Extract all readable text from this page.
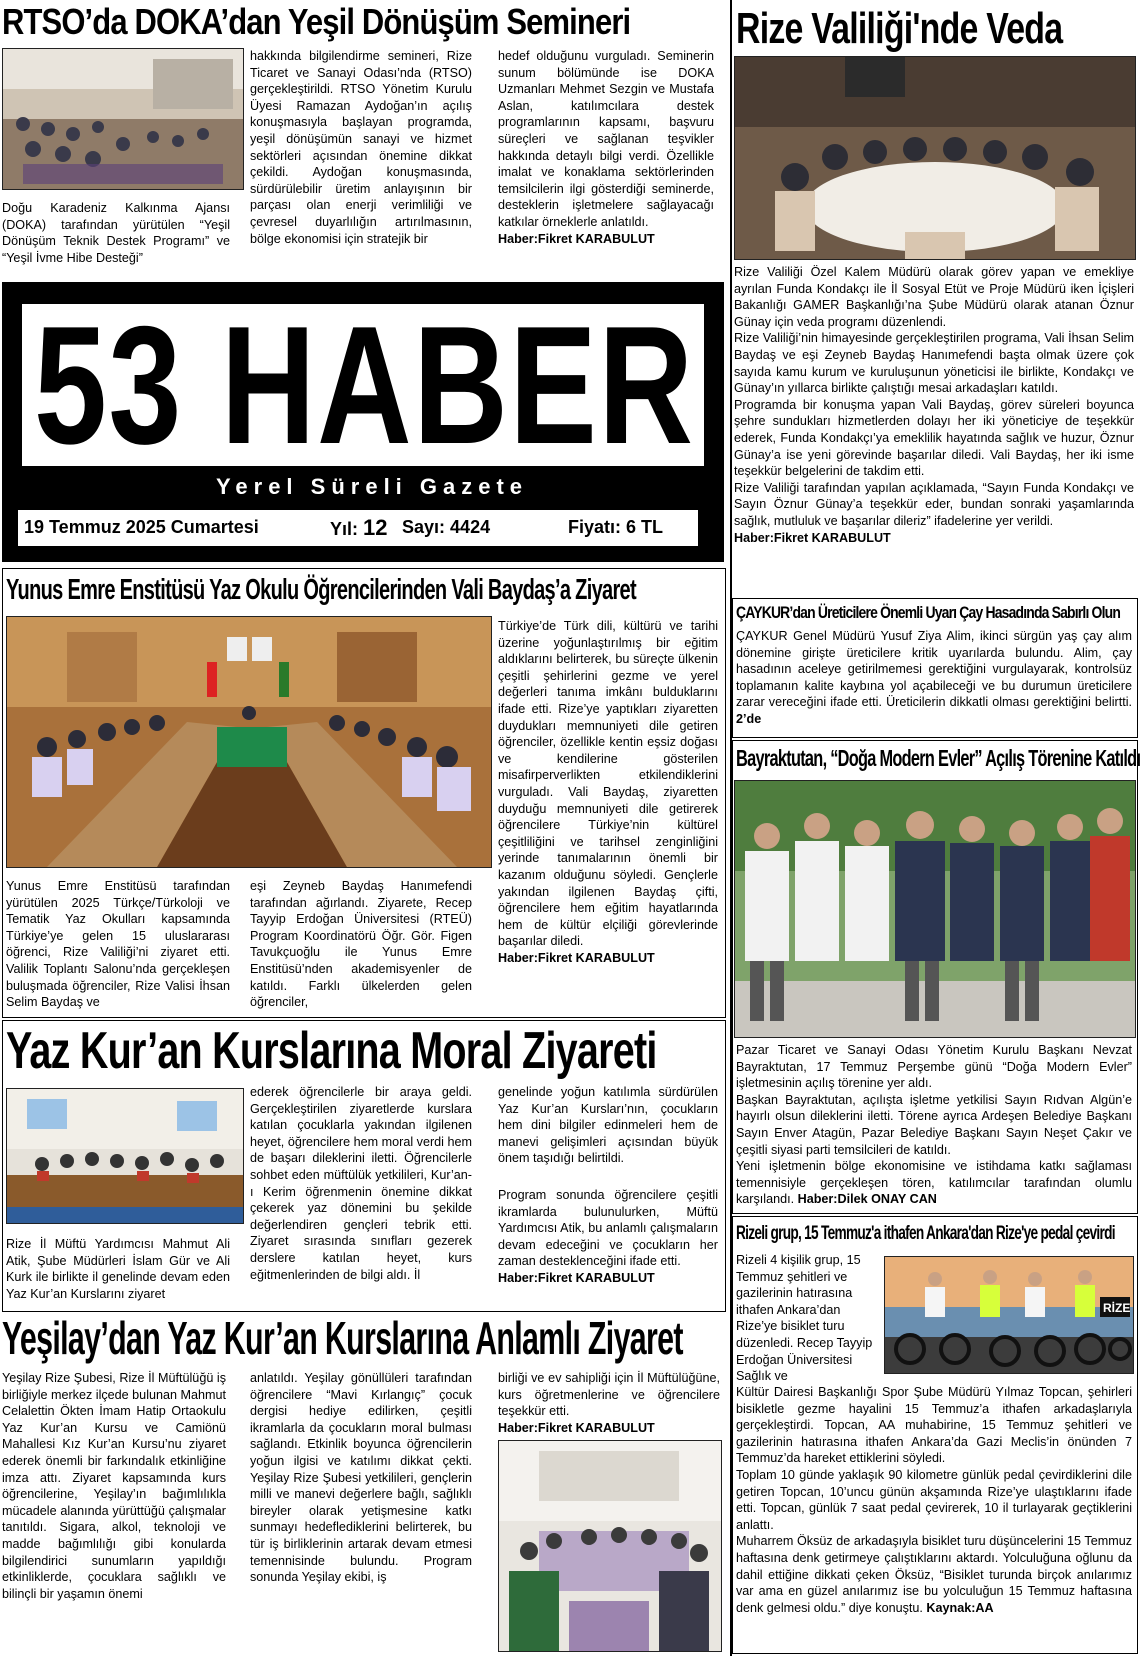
RTSO’da DOKA’dan Yeşil Dönüşüm Semineri
Doğu Karadeniz Kalkınma Ajansı (DOKA) tarafından yürütülen “Yeşil Dönüşüm Teknik Destek Programı” ve “Yeşil İvme Hibe Desteği”
hakkında bilgilendirme semineri, Rize Ticaret ve Sanayi Odası’nda (RTSO) gerçekleştirildi. RTSO Yönetim Kurulu Üyesi Ramazan Aydoğan’ın açılış konuşmasıyla başlayan programda, yeşil dönüşümün sanayi ve hizmet sektörleri açısından önemine dikkat çekildi. Aydoğan konuşmasında, sürdürülebilir üretim anlayışının bir parçası olan enerji verimliliği ve çevresel duyarlılığın artırılmasının, bölge ekonomisi için stratejik bir

hedef olduğunu vurguladı. Seminerin sunum bölümünde ise DOKA Uzmanları Mehmet Sezgin ve Mustafa Aslan, katılımcılara destek programlarının kapsamı, başvuru süreçleri ve sağlanan teşvikler hakkında detaylı bilgi verdi. Özellikle imalat ve konaklama sektörlerinden temsilcilerin ilgi gösterdiği seminerde, desteklerin işletmelere sağlayacağı katkılar örneklerle anlatıldı.

Haber:Fikret KARABULUT

53 HABER
Yerel Süreli Gazete
19 Temmuz 2025 Cumartesi	Yıl: 12 Sayı: 4424	Fiyatı: 6 TL
Yunus Emre Enstitüsü Yaz Okulu Öğrencilerinden Vali Baydaş’a Ziyaret
Yunus Emre Enstitüsü tarafından yürütülen 2025 Türkçe/Türkoloji ve Tematik Yaz Okulları kapsamında Türkiye’ye gelen 15 uluslararası öğrenci, Rize Valiliği’ni ziyaret etti. Valilik Toplantı Salonu’nda gerçekleşen buluşmada öğrenciler, Rize Valisi İhsan Selim Baydaş ve
eşi Zeyneb Baydaş Hanımefendi tarafından ağırlandı. Ziyarete, Recep Tayyip Erdoğan Üniversitesi (RTEÜ) Program Koordinatörü Öğr. Gör. Figen Tavukçuoğlu ile Yunus Emre Enstitüsü’nden akademisyenler de katıldı. Farklı ülkelerden gelen öğrenciler,

Türkiye’de Türk dili, kültürü ve tarihi üzerine yoğunlaştırılmış bir eğitim aldıklarını belirterek, bu süreçte ülkenin çeşitli şehirlerini gezme ve yerel değerleri tanıma imkânı bulduklarını ifade etti. Rize’ye yaptıkları ziyaretten duydukları memnuniyeti dile getiren öğrenciler, özellikle kentin eşsiz doğası ve kendilerine gösterilen misafirperverlikten etkilendiklerini vurguladı. Vali Baydaş, ziyaretten duyduğu memnuniyeti dile getirerek öğrencilere Türkiye’nin kültürel çeşitliliğini ve tarihsel zenginliğini yerinde tanımalarının önemli bir kazanım olduğunu söyledi. Gençlerle yakından ilgilenen Baydaş çifti, öğrencilere hem eğitim hayatlarında hem de kültür elçiliği görevlerinde başarılar diledi.

Haber:Fikret KARABULUT

Yaz Kur’an Kurslarına Moral Ziyareti
Rize İl Müftü Yardımcısı Mahmut Ali Atik, Şube Müdürleri İslam Gür ve Ali Kurk ile birlikte il genelinde devam eden Yaz Kur’an Kurslarını ziyaret
ederek öğrencilerle bir araya geldi. Gerçekleştirilen ziyaretlerde kurslara katılan çocuklarla yakından ilgilenen heyet, öğrencilere hem moral verdi hem de başarı dileklerini iletti. Öğrencilerle sohbet eden müftülük yetkilileri, Kur’an-ı Kerim öğrenmenin önemine dikkat çekerek yaz dönemini bu şekilde değerlendiren gençleri tebrik etti. Ziyaret sırasında sınıfları gezerek derslere katılan heyet, kurs eğitmenlerinden de bilgi aldı. İl

genelinde yoğun katılımla sürdürülen Yaz Kur’an Kursları’nın, çocukların hem dini bilgiler edinmeleri hem de manevi gelişimleri açısından büyük önem taşıdığı belirtildi.

Program sonunda öğrencilere çeşitli ikramlarda bulunulurken, Müftü Yardımcısı Atik, bu anlamlı çalışmaların devam edeceğini ve çocukların her zaman desteklenceğini ifade etti.

Haber:Fikret KARABULUT

Yeşilay’dan Yaz Kur’an Kurslarına Anlamlı Ziyaret
Yeşilay Rize Şubesi, Rize İl Müftülüğü iş birliğiyle merkez ilçede bulunan Mahmut Celalettin Ökten İmam Hatip Ortaokulu Yaz Kur’an Kursu ve Camiönü Mahallesi Kız Kur’an Kursu’nu ziyaret ederek önemli bir farkındalık etkinliğine imza attı. Ziyaret kapsamında kurs öğrencilerine, Yeşilay’ın bağımlılıkla mücadele alanında yürüttüğü çalışmalar tanıtıldı. Sigara, alkol, teknoloji ve madde bağımlılığı gibi konularda bilgilendirici sunumların yapıldığı etkinliklerde, çocuklara sağlıklı ve bilinçli bir yaşamın önemi
anlatıldı. Yeşilay gönüllüleri tarafından öğrencilere “Mavi Kırlangıç” çocuk dergisi hediye edilirken, çeşitli ikramlarla da çocukların moral bulması sağlandı. Etkinlik boyunca öğrencilerin yoğun ilgisi ve katılımı dikkat çekti. Yeşilay Rize Şubesi yetkilileri, gençlerin milli ve manevi değerlere bağlı, sağlıklı bireyler olarak yetişmesine katkı sunmayı hedeflediklerini belirterek, bu tür iş birliklerinin artarak devam etmesi temennisinde bulundu. Program sonunda Yeşilay ekibi, iş

birliği ve ev sahipliği için İl Müftülüğüne, kurs öğretmenlerine ve öğrencilere teşekkür etti.

Haber:Fikret KARABULUT

Rize Valiliği'nde Veda

Rize Valiliği Özel Kalem Müdürü olarak görev yapan ve emekliye ayrılan Funda Kondakçı ile İl Sosyal Etüt ve Proje Müdürü iken İçişleri Bakanlığı GAMER Başkanlığı’na Şube Müdürü olarak atanan Öznur Günay için veda programı düzenlendi.

Rize Valiliği’nin himayesinde gerçekleştirilen programa, Vali İhsan Selim Baydaş ve eşi Zeyneb Baydaş Hanımefendi başta olmak üzere çok sayıda kamu kurum ve kuruluşunun yöneticisi ile birlikte, Kondakçı ve Günay’ın yıllarca birlikte çalıştığı mesai arkadaşları katıldı.

Programda bir konuşma yapan Vali Baydaş, görev süreleri boyunca şehre sundukları hizmetlerden dolayı her iki yöneticiye de teşekkür ederek, Funda Kondakçı’ya emeklilik hayatında sağlık ve huzur, Öznur Günay’a ise yeni görevinde başarılar diledi. Vali Baydaş, her iki isme teşekkür belgelerini de takdim etti.

Rize Valiliği tarafından yapılan açıklamada, “Sayın Funda Kondakçı ve Sayın Öznur Günay’a teşekkür eder, bundan sonraki yaşamlarında sağlık, mutluluk ve başarılar dileriz” ifadelerine yer verildi.

Haber:Fikret KARABULUT

ÇAYKUR’dan Üreticilere Önemli Uyarı Çay Hasadında Sabırlı Olun
ÇAYKUR Genel Müdürü Yusuf Ziya Alim, ikinci sürgün yaş çay alım dönemine girişte üreticilere kritik uyarılarda bulundu. Alim, çay hasadının aceleye getirilmemesi gerektiğini vurgulayarak, kontrolsüz toplamanın kalite kaybına yol açabileceği ve bu durumun üreticilere zarar vereceğini ifade etti. Üreticilerin dikkatli olması gerektiğini belirtti. 2’de
Bayraktutan, “Doğa Modern Evler” Açılış Törenine Katıldı

Pazar Ticaret ve Sanayi Odası Yönetim Kurulu Başkanı Nevzat Bayraktutan, 17 Temmuz Perşembe günü “Doğa Modern Evler” işletmesinin açılış törenine yer aldı.

Başkan Bayraktutan, açılışta işletme yetkilisi Sayın Rıdvan Algün’e hayırlı olsun dileklerini iletti. Törene ayrıca Ardeşen Belediye Başkanı Sayın Enver Atagün, Pazar Belediye Başkanı Sayın Neşet Çakır ve çeşitli siyasi parti temsilcileri de katıldı.

Yeni işletmenin bölge ekonomisine ve istihdama katkı sağlaması temennisiyle gerçekleşen tören, katılımcılar tarafından olumlu karşılandı. Haber:Dilek ONAY CAN

Rizeli grup, 15 Temmuz'a ithafen Ankara'dan Rize'ye pedal çevirdi
Rizeli 4 kişilik grup, 15 Temmuz şehitleri ve gazilerinin hatırasına ithafen Ankara’dan Rize’ye bisiklet turu düzenledi. Recep Tayyip Erdoğan Üniversitesi Sağlık ve
RİZE

Kültür Dairesi Başkanlığı Spor Şube Müdürü Yılmaz Topcan, şehirleri bisikletle gezme hayalini 15 Temmuz’a ithafen arkadaşlarıyla gerçekleştirdi. Topcan, AA muhabirine, 15 Temmuz şehitleri ve gazilerinin hatırasına ithafen Ankara’da Gazi Meclis’in önünden 7 Temmuz’da hareket ettiklerini söyledi.

Toplam 10 günde yaklaşık 90 kilometre günlük pedal çevirdiklerini dile getiren Topcan, 10’uncu günün akşamında Rize’ye ulaştıklarını ifade etti. Topcan, günlük 7 saat pedal çevirerek, 10 il turlayarak geçtiklerini anlattı.

Muharrem Öksüz de arkadaşıyla bisiklet turu düşüncelerini 15 Temmuz haftasına denk getirmeye çalıştıklarını aktardı. Yolculuğuna oğlunu da dahil ettiğine dikkati çeken Öksüz, “Bisiklet turunda birçok anılarımız var ama en güzel anılarımız ise bu yolculuğun 15 Temmuz haftasına denk gelmesi oldu.” diye konuştu. Kaynak:AA
